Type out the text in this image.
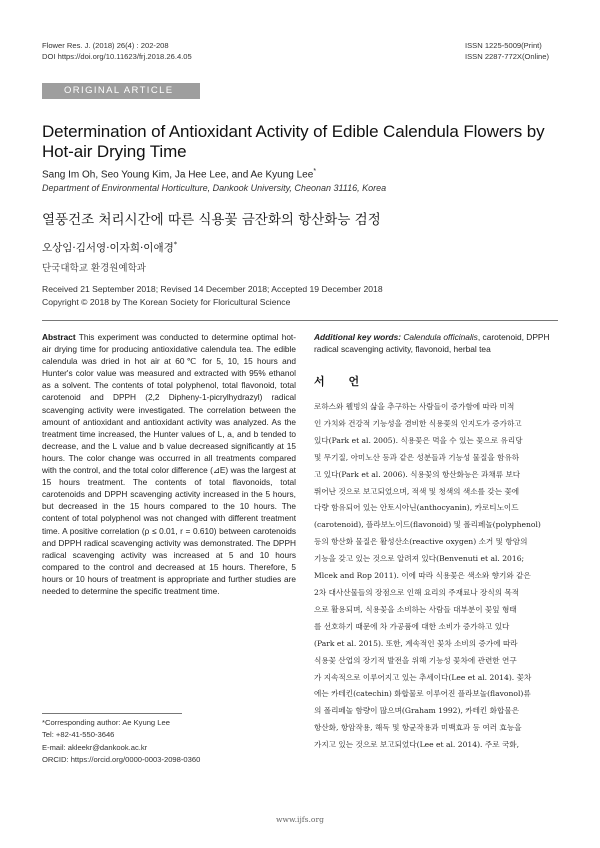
Flower Res. J. (2018) 26(4) : 202-208
DOI https://doi.org/10.11623/frj.2018.26.4.05
ISSN 1225-5009(Print)
ISSN 2287-772X(Online)
ORIGINAL ARTICLE
Determination of Antioxidant Activity of Edible Calendula Flowers by Hot-air Drying Time
Sang Im Oh, Seo Young Kim, Ja Hee Lee, and Ae Kyung Lee*
Department of Environmental Horticulture, Dankook University, Cheonan 31116, Korea
열풍건조 처리시간에 따른 식용꽃 금잔화의 항산화능 검정
오상임·김서영·이자희·이애경*
단국대학교 환경원예학과
Received 21 September 2018; Revised 14 December 2018; Accepted 19 December 2018
Copyright © 2018 by The Korean Society for Floricultural Science
Abstract This experiment was conducted to determine optimal hot-air drying time for producing antioxidative calendula tea. The edible calendula was dried in hot air at 60℃ for 5, 10, 15 hours and Hunter's color value was measured and extracted with 95% ethanol as a solvent. The contents of total polyphenol, total flavonoid, total carotenoid and DPPH (2,2 Dipheny-1-picrylhydrazyl) radical scavenging activity were investigated. The correlation between the amount of antioxidant and antioxidant activity was analyzed. As the treatment time increased, the Hunter values of L, a, and b tended to decrease, and the L value and b value decreased significantly at 15 hours. The color change was occurred in all treatments compared with the control, and the total color difference (⊿E) was the largest at 15 hours treatment. The contents of total flavonoids, total carotenoids and DPPH scavenging activity increased in the 5 hours, but decreased in the 15 hours compared to the 10 hours. The content of total polyphenol was not changed with different treatment time. A positive correlation (ρ ≤ 0.01, r = 0.610) between carotenoids and DPPH radical scavenging activity was demonstrated. The DPPH radical scavenging activity was increased at 5 and 10 hours compared to the control and decreased at 15 hours. Therefore, 5 hours or 10 hours of treatment is appropriate and further studies are needed to determine the specific treatment time.
Additional key words: Calendula officinalis, carotenoid, DPPH radical scavenging activity, flavonoid, herbal tea
서 언
로하스와 웰빙의 삶을 추구하는 사람들이 증가함에 따라 미적
인 가치와 건강적 기능성을 겸비한 식용꽃의 인지도가 증가하고
있다(Park et al. 2005). 식용꽃은 먹을 수 있는 꽃으로 유리당
및 무기질, 아미노산 등과 같은 성분들과 기능성 물질을 함유하
고 있다(Park et al. 2006). 식용꽃의 항산화능은 과채류 보다
뛰어난 것으로 보고되었으며, 적색 및 청색의 색소를 갖는 꽃에
다량 함유되어 있는 안토시아닌(anthocyanin), 카로티노이드
(carotenoid), 플라보노이드(flavonoid) 및 폴리페놀(polyphenol)
등의 항산화 물질은 활성산소(reactive oxygen) 소거 및 항암의
기능을 갖고 있는 것으로 알려져 있다(Benvenuti et al. 2016;
Mlcek and Rop 2011). 이에 따라 식용꽃은 색소와 향기와 같은
2차 대사산물들의 장점으로 인해 요리의 주재료나 장식의 목적
으로 활용되며, 식용꽃을 소비하는 사람들 대부분이 꽃잎 형태
를 선호하기 때문에 차 가공품에 대한 소비가 증가하고 있다
(Park et al. 2015). 또한, 계속적인 꽃차 소비의 증가에 따라
식용꽃 산업의 장기적 발전을 위해 기능성 꽃차에 관련한 연구
가 지속적으로 이루어지고 있는 추세이다(Lee et al. 2014). 꽃차
에는 카테킨(catechin) 화합물로 이루어진 플라보놀(flavonol)류
의 폴리페놀 함량이 많으며(Graham 1992), 카테킨 화합물은
항산화, 항암작용, 해독 및 항균작용과 미백효과 등 여러 효능을
가지고 있는 것으로 보고되었다(Lee et al. 2014). 주로 국화,
*Corresponding author: Ae Kyung Lee
Tel: +82-41-550-3646
E-mail: akleekr@dankook.ac.kr
ORCID: https://orcid.org/0000-0003-2098-0360
www.ijfs.org
